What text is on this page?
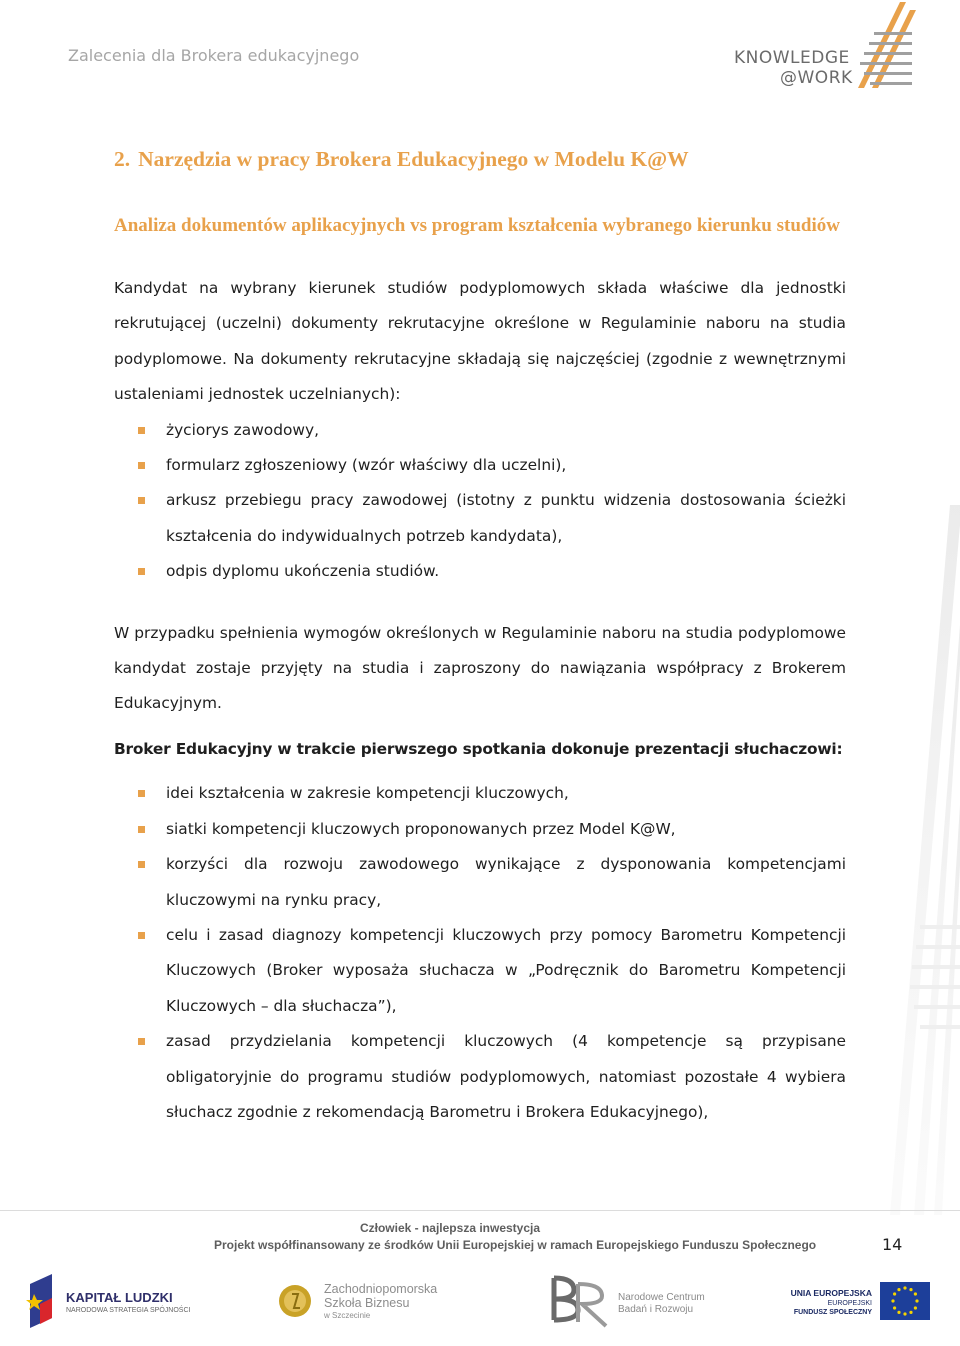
Zalecenia dla Brokera edukacyjnego	KNOWLEDGE
@WORK
2. Narzędzia w pracy Brokera Edukacyjnego w Modelu K@W
Analiza dokumentów aplikacyjnych vs program kształcenia wybranego kierunku studiów

Kandydat na wybrany kierunek studiów podyplomowych składa właściwe dla jednostki rekrutującej (uczelni) dokumenty rekrutacyjne określone w Regulaminie naboru na studia podyplomowe. Na dokumenty rekrutacyjne składają się najczęściej (zgodnie z wewnętrznymi ustaleniami jednostek uczelnianych):

życiorys zawodowy,
formularz zgłoszeniowy (wzór właściwy dla uczelni),
arkusz przebiegu pracy zawodowej (istotny z punktu widzenia dostosowania ścieżki kształcenia do indywidualnych potrzeb kandydata),
odpis dyplomu ukończenia studiów.

W przypadku spełnienia wymogów określonych w Regulaminie naboru na studia podyplomowe kandydat zostaje przyjęty na studia i zaproszony do nawiązania współpracy z Brokerem Edukacyjnym.

Broker Edukacyjny w trakcie pierwszego spotkania dokonuje prezentacji słuchaczowi:

idei kształcenia w zakresie kompetencji kluczowych,
siatki kompetencji kluczowych proponowanych przez Model K@W,
korzyści dla rozwoju zawodowego wynikające z dysponowania kompetencjami kluczowymi na rynku pracy,
celu i zasad diagnozy kompetencji kluczowych przy pomocy Barometru Kompetencji Kluczowych (Broker wyposaża słuchacza w „Podręcznik do Barometru Kompetencji Kluczowych – dla słuchacza”),
zasad przydzielania kompetencji kluczowych (4 kompetencje są przypisane obligatoryjnie do programu studiów podyplomowych, natomiast pozostałe 4 wybiera słuchacz zgodnie z rekomendacją Barometru i Brokera Edukacyjnego),
Człowiek - najlepsza inwestycja
Projekt współfinansowany ze środków Unii Europejskiej w ramach Europejskiego Funduszu Społecznego	14
KAPITAŁ LUDZKI
NARODOWA STRATEGIA SPÓJNOŚCI
Zachodniopomorska
Szkoła Biznesu
w Szczecinie
Narodowe Centrum
Badań i Rozwoju
UNIA EUROPEJSKA
EUROPEJSKI
FUNDUSZ SPOŁECZNY
